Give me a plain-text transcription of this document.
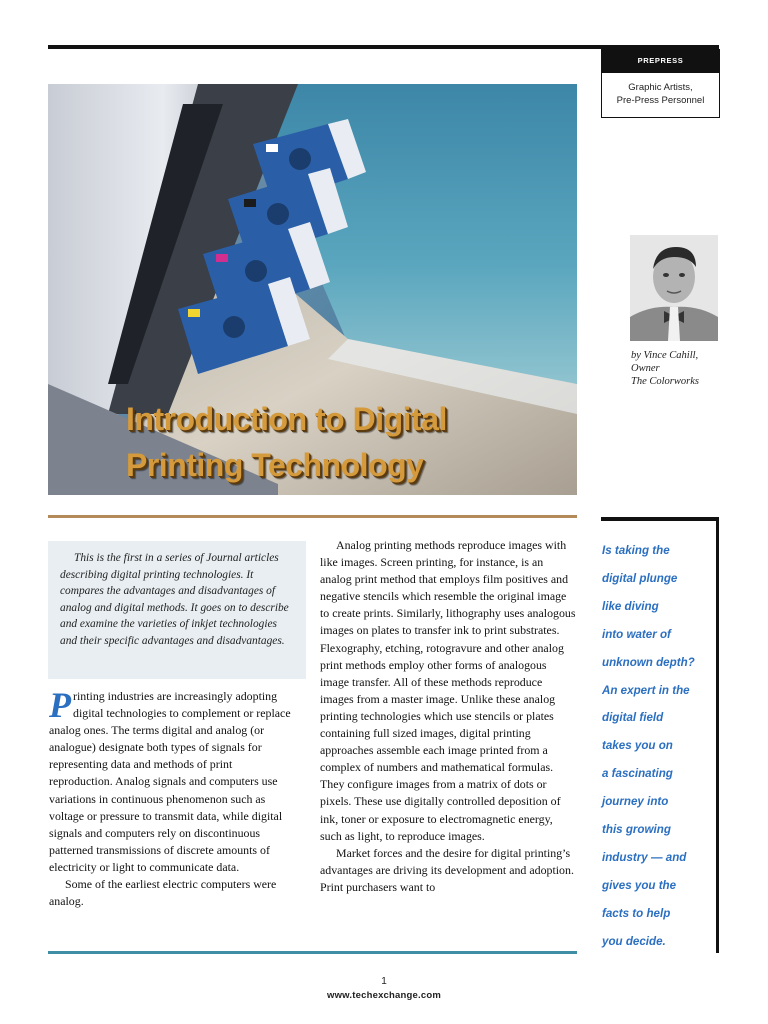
PREPRESS
Graphic Artists,
Pre-Press Personnel
Introduction to Digital
Printing Technology
by Vince Cahill,
Owner
The Colorworks
This is the first in a series of Journal articles describing digital printing technologies. It compares the advantages and disadvantages of analog and digital methods. It goes on to describe and examine the varieties of inkjet technologies and their specific advantages and disadvantages.

Printing industries are increasingly adopting digital technologies to complement or replace analog ones. The terms digital and analog (or analogue) designate both types of signals for representing data and methods of print reproduction. Analog signals and computers use variations in continuous phenomenon such as voltage or pressure to transmit data, while digital signals and computers rely on discontinuous patterned transmissions of discrete amounts of electricity or light to communicate data.

Some of the earliest electric computers were analog.

Analog printing methods reproduce images with like images. Screen printing, for instance, is an analog print method that employs film positives and negative stencils which resemble the original image to create prints. Similarly, lithography uses analogous images on plates to transfer ink to print substrates. Flexography, etching, rotogravure and other analog print methods employ other forms of analogous image transfer. All of these methods reproduce images from a master image. Unlike these analog printing technologies which use stencils or plates containing full sized images, digital printing approaches assemble each image printed from a complex of numbers and mathematical formulas. They configure images from a matrix of dots or pixels. These use digitally controlled deposition of ink, toner or exposure to electromagnetic energy, such as light, to reproduce images.

Market forces and the desire for digital printing’s advantages are driving its development and adoption. Print purchasers want to

Is taking the
digital plunge
like diving
into water of
unknown depth?
An expert in the
digital field
takes you on
a fascinating
journey into
this growing
industry — and
gives you the
facts to help
you decide.
1
www.techexchange.com
